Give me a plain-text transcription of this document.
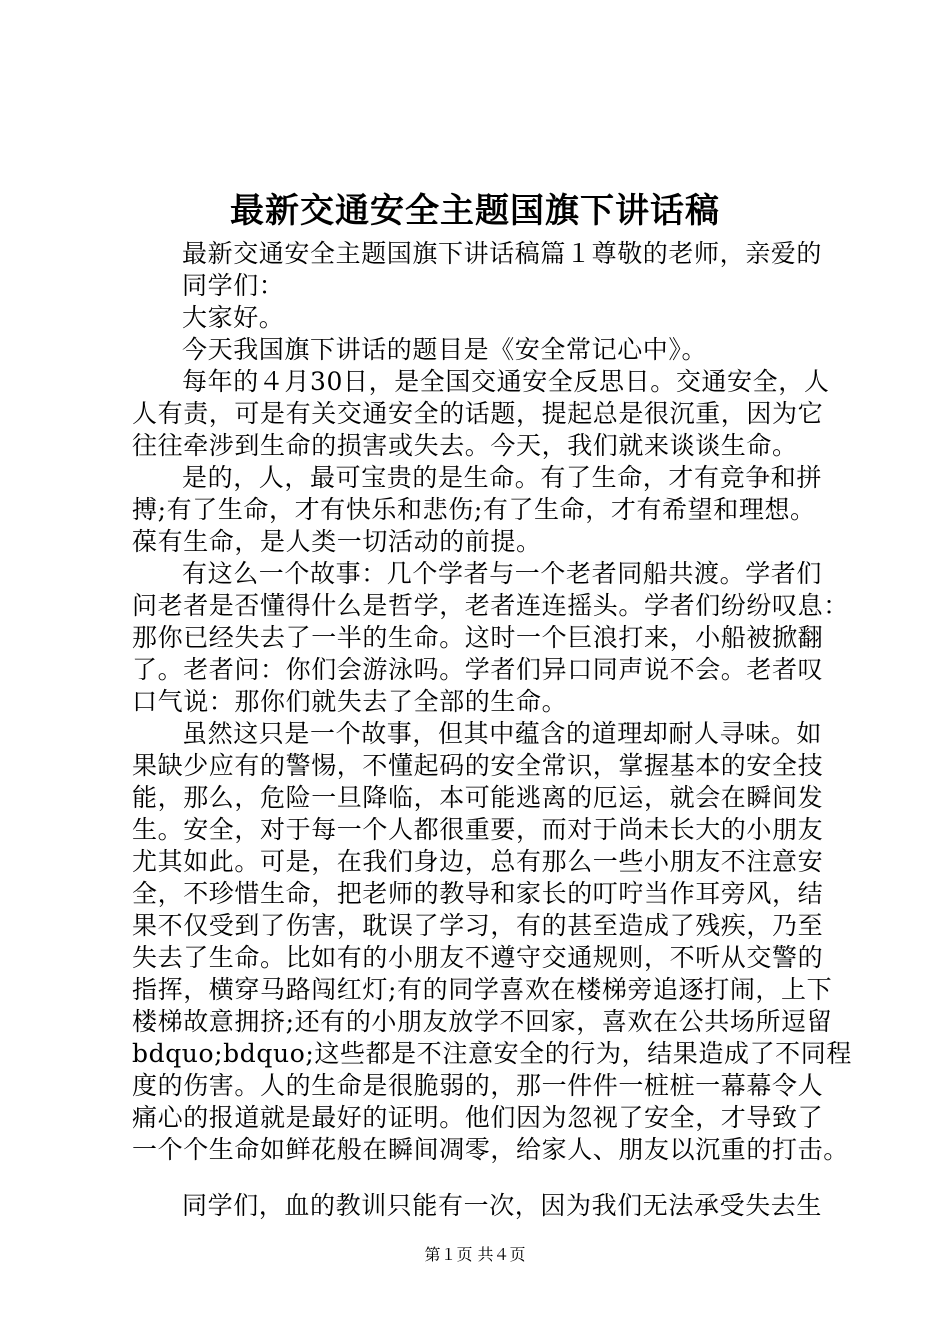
最新交通安全主题国旗下讲话稿
最新交通安全主题国旗下讲话稿篇１尊敬的老师，亲爱的
同学们：
大家好。
今天我国旗下讲话的题目是《安全常记心中》。
每年的４月30日，是全国交通安全反思日。交通安全，人
人有责，可是有关交通安全的话题，提起总是很沉重，因为它
往往牵涉到生命的损害或失去。今天，我们就来谈谈生命。
是的，人，最可宝贵的是生命。有了生命，才有竞争和拼
搏;有了生命，才有快乐和悲伤;有了生命，才有希望和理想。
葆有生命，是人类一切活动的前提。
有这么一个故事：几个学者与一个老者同船共渡。学者们
问老者是否懂得什么是哲学，老者连连摇头。学者们纷纷叹息：
那你已经失去了一半的生命。这时一个巨浪打来，小船被掀翻
了。老者问：你们会游泳吗。学者们异口同声说不会。老者叹
口气说：那你们就失去了全部的生命。
虽然这只是一个故事，但其中蕴含的道理却耐人寻味。如
果缺少应有的警惕，不懂起码的安全常识，掌握基本的安全技
能，那么，危险一旦降临，本可能逃离的厄运，就会在瞬间发
生。安全，对于每一个人都很重要，而对于尚未长大的小朋友
尤其如此。可是，在我们身边，总有那么一些小朋友不注意安
全，不珍惜生命，把老师的教导和家长的叮咛当作耳旁风，结
果不仅受到了伤害，耽误了学习，有的甚至造成了残疾，乃至
失去了生命。比如有的小朋友不遵守交通规则，不听从交警的
指挥，横穿马路闯红灯;有的同学喜欢在楼梯旁追逐打闹，上下
楼梯故意拥挤;还有的小朋友放学不回家，喜欢在公共场所逗留
bdquo;bdquo;这些都是不注意安全的行为，结果造成了不同程
度的伤害。人的生命是很脆弱的，那一件件一桩桩一幕幕令人
痛心的报道就是最好的证明。他们因为忽视了安全，才导致了
一个个生命如鲜花般在瞬间凋零，给家人、朋友以沉重的打击。
同学们，血的教训只能有一次，因为我们无法承受失去生
第１页 共４页
